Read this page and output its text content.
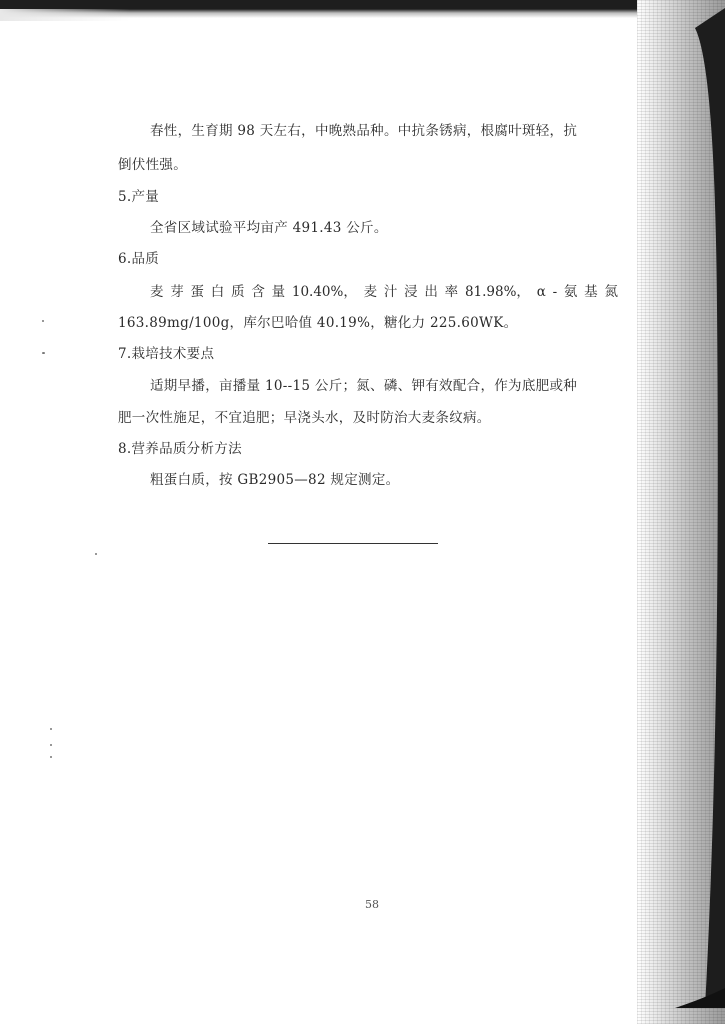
春性，生育期 98 天左右，中晚熟品种。中抗条锈病，根腐叶斑轻，抗

倒伏性强。

5.产量

全省区域试验平均亩产 491.43 公斤。

6.品质

麦 芽 蛋 白 质 含 量 10.40%， 麦 汁 浸 出 率 81.98%， α - 氨 基 氮

163.89mg/100g，库尔巴哈值 40.19%，糖化力 225.60WK。

7.栽培技术要点

适期早播，亩播量 10--15 公斤；氮、磷、钾有效配合，作为底肥或种

肥一次性施足，不宜追肥；早浇头水，及时防治大麦条纹病。

8.营养品质分析方法

粗蛋白质，按 GB2905—82 规定测定。

58
